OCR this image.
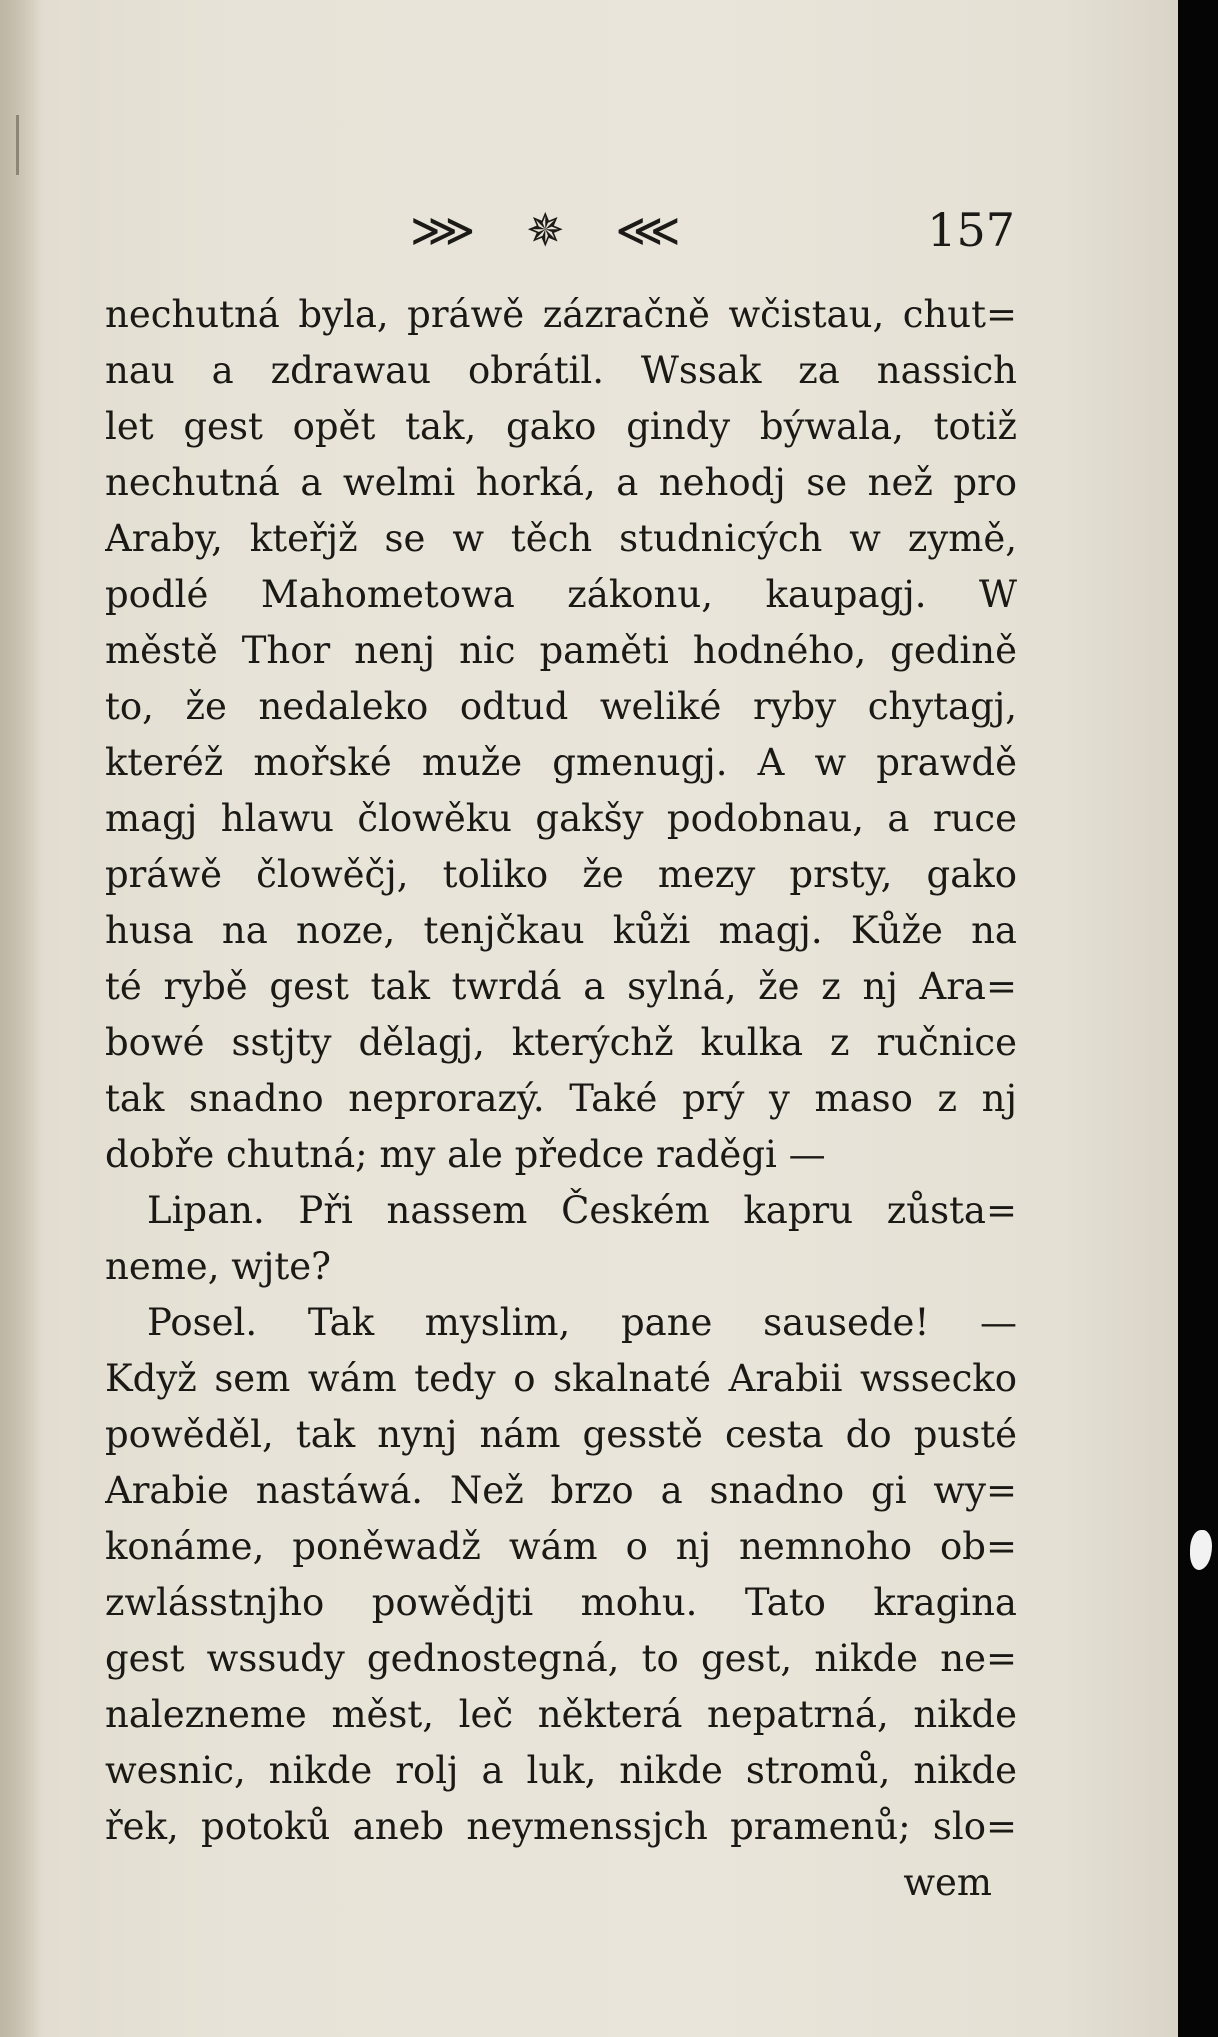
⋙ ✵ ⋘	157
nechutná byla, práwě zázračně wčistau, chut=
nau a zdrawau obrátil. Wssak za nassich
let gest opět tak, gako gindy býwala, totiž
nechutná a welmi horká, a nehodj se než pro
Araby, kteřjž se w těch studnicých w zymě,
podlé Mahometowa zákonu, kaupagj. W
městě Thor nenj nic paměti hodného, gedině
to, že nedaleko odtud weliké ryby chytagj,
kteréž mořské muže gmenugj. A w prawdě
magj hlawu člowěku gakšy podobnau, a ruce
práwě člowěčj, toliko že mezy prsty, gako
husa na noze, tenjčkau kůži magj. Kůže na
té rybě gest tak twrdá a sylná, že z nj Ara=
bowé sstjty dělagj, kterýchž kulka z ručnice
tak snadno neprorazý. Také prý y maso z nj
dobře chutná; my ale předce raděgi —
Lipan. Při nassem Českém kapru zůsta=
neme, wjte?
Posel. Tak myslim, pane sausede! —
Když sem wám tedy o skalnaté Arabii wssecko
powěděl, tak nynj nám gesstě cesta do pusté
Arabie nastáwá. Než brzo a snadno gi wy=
konáme, poněwadž wám o nj nemnoho ob=
zwlásstnjho powědjti mohu. Tato kragina
gest wssudy gednostegná, to gest, nikde ne=
nalezneme měst, leč některá nepatrná, nikde
wesnic, nikde rolj a luk, nikde stromů, nikde
řek, potoků aneb neymenssjch pramenů; slo=
wem
